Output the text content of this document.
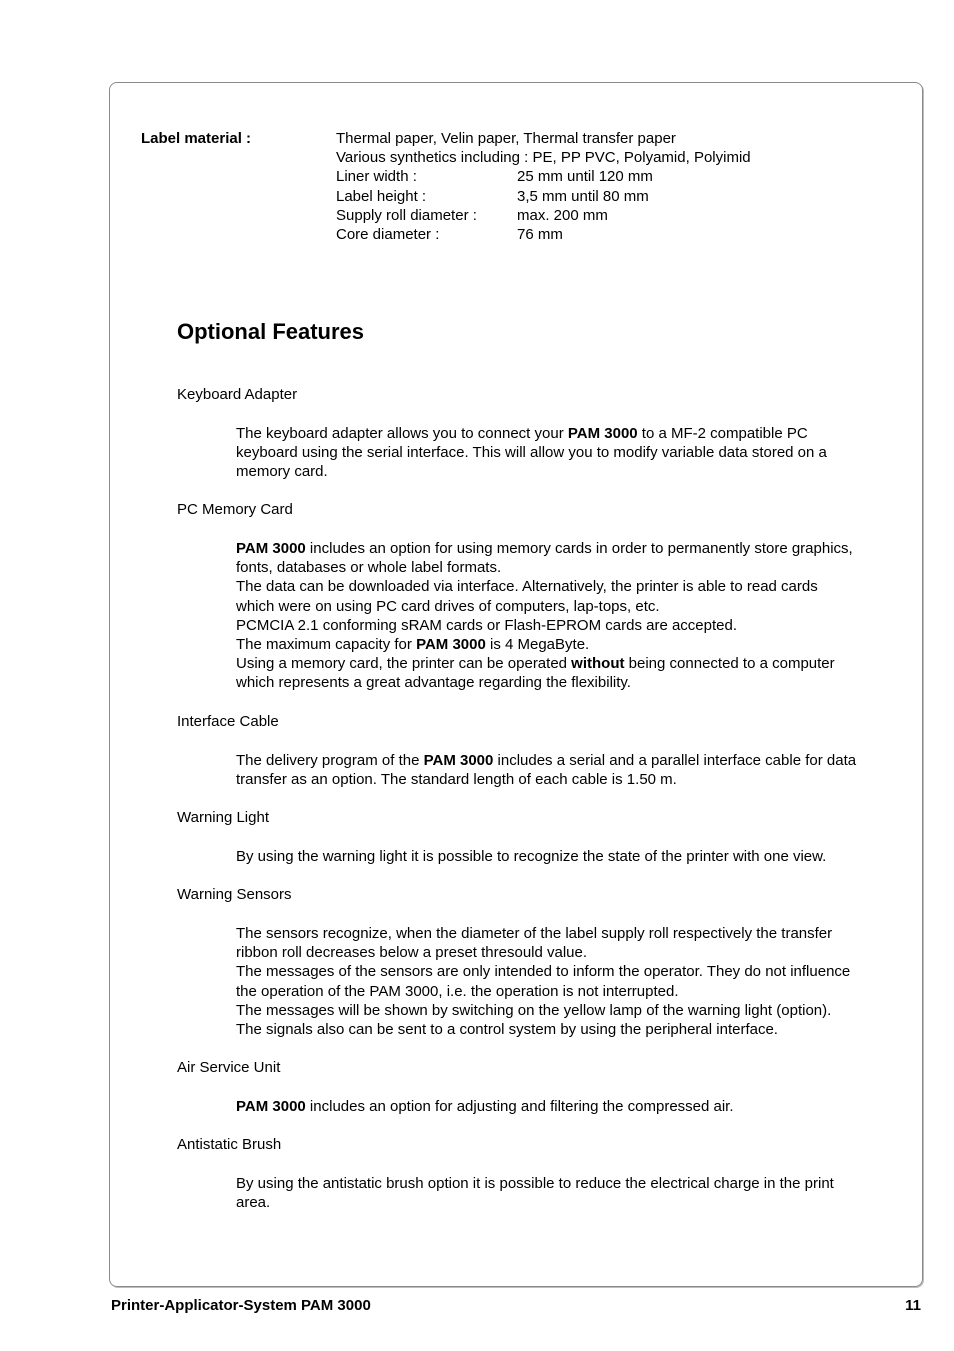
Label material :	Thermal paper, Velin paper, Thermal transfer paper
Various synthetics including : PE, PP PVC, Polyamid, Polyimid
Liner width :	25 mm until 120 mm
Label height :	3,5 mm until 80 mm
Supply roll diameter :	max. 200 mm
Core diameter :	76 mm
Optional Features
Keyboard Adapter
The keyboard adapter allows you to connect your PAM 3000 to a MF-2 compatible PC
keyboard using the serial interface. This will allow you to modify variable data stored on a
memory card.
PC Memory Card
PAM 3000 includes an option for using memory cards in order to permanently store graphics,
fonts, databases or whole label formats.
The data can be downloaded via interface. Alternatively, the printer is able to read cards
which were on using PC card drives of computers, lap-tops, etc.
PCMCIA 2.1 conforming sRAM cards or Flash-EPROM cards are accepted.
The maximum capacity for PAM 3000 is 4 MegaByte.
Using a memory card, the printer can be operated without being connected to a computer
which represents a great advantage regarding the flexibility.
Interface Cable
The delivery program of the PAM 3000 includes a serial and a parallel interface cable for data
transfer as an option. The standard length of each cable is 1.50 m.
Warning Light
By using the warning light it is possible to recognize the state of the printer with one view.
Warning Sensors
The sensors recognize, when the diameter of the label supply roll respectively the transfer
ribbon roll decreases below a preset thresould value.
The messages of the sensors are only intended to inform the operator. They do not influence
the operation of the PAM 3000, i.e. the operation is not interrupted.
The messages will be shown by switching on the yellow lamp of the warning light (option).
The signals also can be sent to a control system by using the peripheral interface.
Air Service Unit
PAM 3000 includes an option for adjusting and filtering the compressed air.
Antistatic Brush
By using the antistatic brush option it is possible to reduce the electrical charge in the print
area.
Printer-Applicator-System PAM 3000	11
